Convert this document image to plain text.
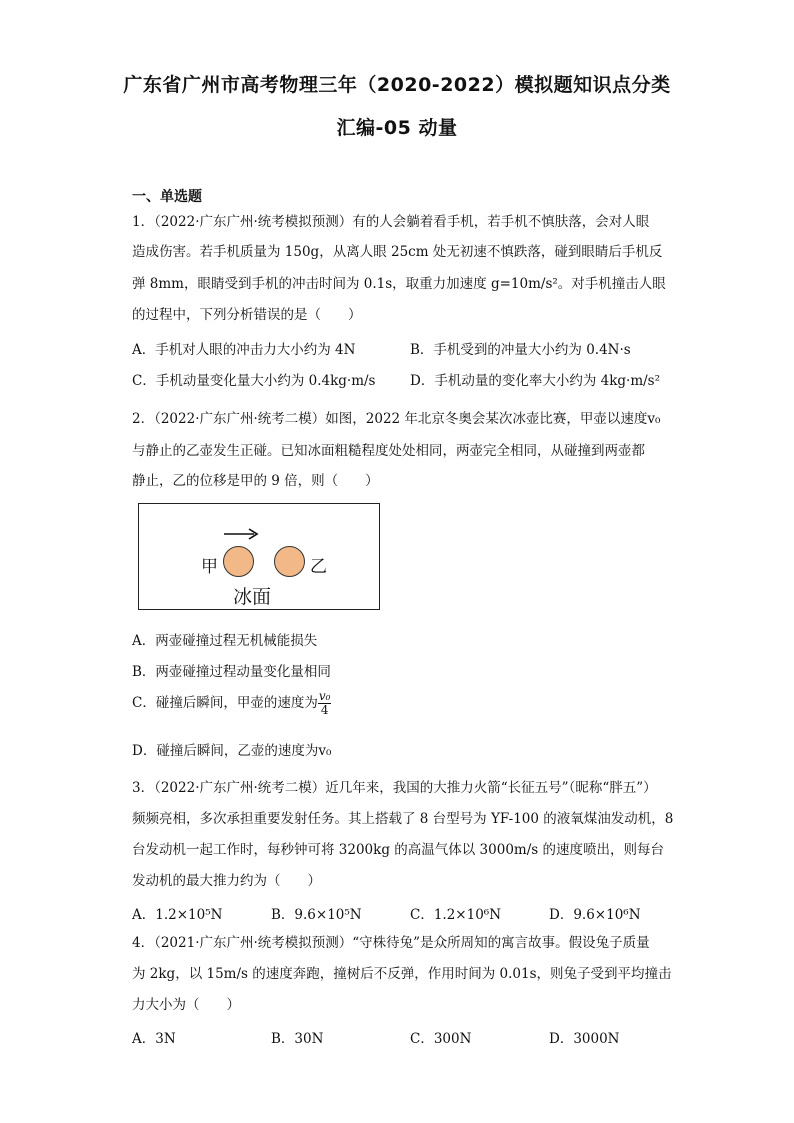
广东省广州市高考物理三年（2020-2022）模拟题知识点分类
汇编-05 动量
一、单选题
1．（2022·广东广州·统考模拟预测）有的人会躺着看手机，若手机不慎肤落，会对人眼
造成伤害。若手机质量为 150g，从离人眼 25cm 处无初速不慎跌落，碰到眼睛后手机反
弹 8mm，眼睛受到手机的冲击时间为 0.1s，取重力加速度 g=10m/s²。对手机撞击人眼
的过程中，下列分析错误的是（　　）
A．手机对人眼的冲击力大小约为 4N	B．手机受到的冲量大小约为 0.4N·s
C．手机动量变化量大小约为 0.4kg·m/s	D．手机动量的变化率大小约为 4kg·m/s²
2．（2022·广东广州·统考二模）如图，2022 年北京冬奥会某次冰壶比赛，甲壶以速度v₀
与静止的乙壶发生正碰。已知冰面粗糙程度处处相同，两壶完全相同，从碰撞到两壶都
静止，乙的位移是甲的 9 倍，则（　　）
甲	乙
冰面
A．两壶碰撞过程无机械能损失
B．两壶碰撞过程动量变化量相同
C．碰撞后瞬间，甲壶的速度为 $\frac{\text{v₀}}{4}$
D．碰撞后瞬间，乙壶的速度为v₀
3．（2022·广东广州·统考二模）近几年来，我国的大推力火箭“长征五号”（昵称“胖五”）
频频亮相，多次承担重要发射任务。其上搭载了 8 台型号为 YF-100 的液氧煤油发动机，8
台发动机一起工作时，每秒钟可将 3200kg 的高温气体以 3000m/s 的速度喷出，则每台
发动机的最大推力约为（　　）
A．1.2×10⁵N	B．9.6×10⁵N	C．1.2×10⁶N	D．9.6×10⁶N
4．（2021·广东广州·统考模拟预测）“守株待兔”是众所周知的寓言故事。假设兔子质量
为 2kg，以 15m/s 的速度奔跑，撞树后不反弹，作用时间为 0.01s，则兔子受到平均撞击
力大小为（　　）
A．3N	B．30N	C．300N	D．3000N
